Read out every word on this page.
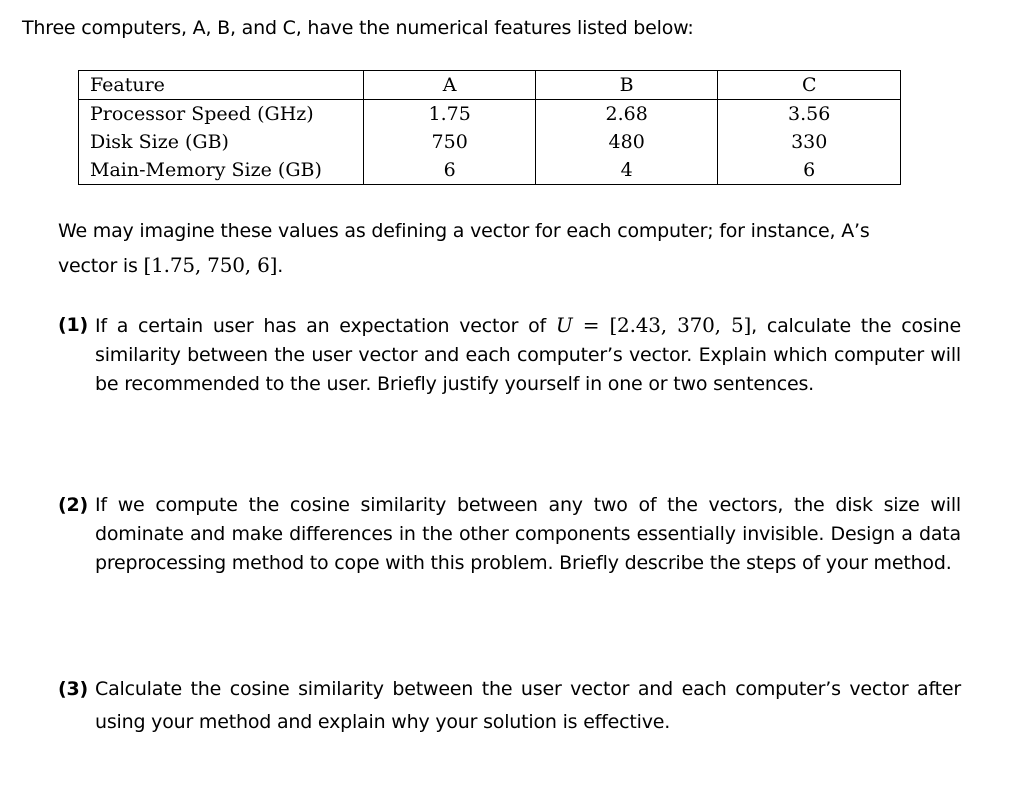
Three computers, A, B, and C, have the numerical features listed below:
Feature	A	B	C
Processor Speed (GHz)	1.75	2.68	3.56
Disk Size (GB)	750	480	330
Main-Memory Size (GB)	6	4	6
We may imagine these values as defining a vector for each computer; for instance, A’s vector is [1.75, 750, 6].
(1) If a certain user has an expectation vector of U = [2.43, 370, 5], calculate the cosine similarity between the user vector and each computer’s vector. Explain which computer will be recommended to the user. Briefly justify yourself in one or two sentences.
(2) If we compute the cosine similarity between any two of the vectors, the disk size will dominate and make differences in the other components essentially invisible. Design a data preprocessing method to cope with this problem. Briefly describe the steps of your method.
(3) Calculate the cosine similarity between the user vector and each computer’s vector after using your method and explain why your solution is effective.
